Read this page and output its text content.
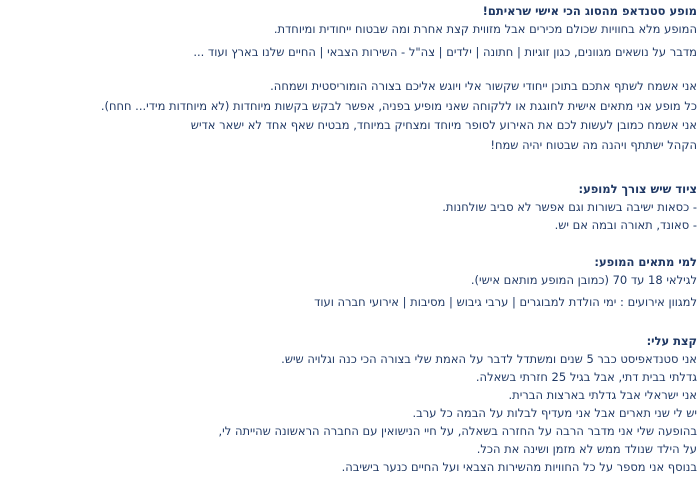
מופע סטנדאפ מהסוג הכי אישי שראיתם!
המופע מלא בחוויות שכולם מכירים אבל מזווית קצת אחרת ומה שבטוח ייחודית ומיוחדת.
מדבר על נושאים מגוונים, כגון זוגיות | חתונה | ילדים | צה"ל - השירות הצבאי | החיים שלנו בארץ ועוד ...
אני אשמח לשתף אתכם בתוכן ייחודי שקשור אלי ויוגש אליכם בצורה הומוריסטית ושמחה.
כל מופע אני מתאים אישית לחוגגת או ללקוחה שאני מופיע בפניה, אפשר לבקש בקשות מיוחדות (לא מיוחדות מידי... חחח).
אני אשמח כמובן לעשות לכם את האירוע לסופר מיוחד ומצחיק במיוחד, מבטיח שאף אחד לא ישאר אדיש
הקהל ישתתף ויהנה מה שבטוח יהיה שמח!
ציוד שיש צורך למופע:
- כסאות ישיבה בשורות וגם אפשר לא סביב שולחנות.
- סאונד, תאורה ובמה אם יש.
למי מתאים המופע:
לגילאי 18 עד 70 (כמובן המופע מותאם אישי).
למגוון אירועים : ימי הולדת למבוגרים | ערבי גיבוש | מסיבות | אירועי חברה ועוד
קצת עלי:
אני סטנדאפיסט כבר 5 שנים ומשתדל לדבר על האמת שלי בצורה הכי כנה וגלויה שיש.
גדלתי בבית דתי, אבל בגיל 25 חזרתי בשאלה.
אני ישראלי אבל גדלתי בארצות הברית.
יש לי שני תארים אבל אני מעדיף לבלות על הבמה כל ערב.
בהופעה שלי אני מדבר הרבה על החזרה בשאלה, על חיי הנישואין עם החברה הראשונה שהייתה לי,
על הילד שנולד ממש לא מזמן ושינה את הכל.
בנוסף אני מספר על כל החוויות מהשירות הצבאי ועל החיים כנער בישיבה.
